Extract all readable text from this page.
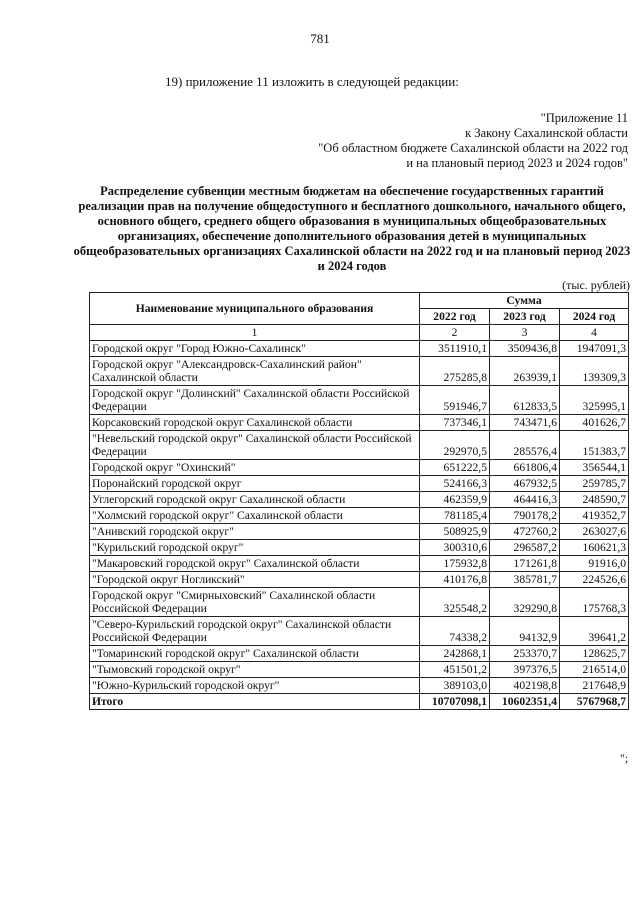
781
19) приложение 11 изложить в следующей редакции:
"Приложение 11
к Закону Сахалинской области
"Об областном бюджете Сахалинской области на 2022 год
и на плановый период 2023 и 2024 годов"
Распределение субвенции местным бюджетам на обеспечение государственных гарантий реализации прав на получение общедоступного и бесплатного дошкольного, начального общего, основного общего, среднего общего образования в муниципальных общеобразовательных организациях, обеспечение дополнительного образования детей в муниципальных общеобразовательных организациях Сахалинской области на 2022 год и на плановый период 2023 и 2024 годов
(тыс. рублей)
Наименование муниципального образования	Сумма		
	2022 год	2023 год	2024 год
1	2	3	4
Городской округ "Город Южно-Сахалинск"	3511910,1	3509436,8	1947091,3
Городской округ "Александровск-Сахалинский район" Сахалинской области	275285,8	263939,1	139309,3
Городской округ "Долинский" Сахалинской области Российской Федерации	591946,7	612833,5	325995,1
Корсаковский городской округ Сахалинской области	737346,1	743471,6	401626,7
"Невельский городской округ" Сахалинской области Российской Федерации	292970,5	285576,4	151383,7
Городской округ "Охинский"	651222,5	661806,4	356544,1
Поронайский городской округ	524166,3	467932,5	259785,7
Углегорский городской округ Сахалинской области	462359,9	464416,3	248590,7
"Холмский городской округ" Сахалинской области	781185,4	790178,2	419352,7
"Анивский городской округ"	508925,9	472760,2	263027,6
"Курильский городской округ"	300310,6	296587,2	160621,3
"Макаровский городской округ" Сахалинской области	175932,8	171261,8	91916,0
"Городской округ Ногликский"	410176,8	385781,7	224526,6
Городской округ "Смирныховский" Сахалинской области Российской Федерации	325548,2	329290,8	175768,3
"Северо-Курильский городской округ" Сахалинской области Российской Федерации	74338,2	94132,9	39641,2
"Томаринский городской округ" Сахалинской области	242868,1	253370,7	128625,7
"Тымовский городской округ"	451501,2	397376,5	216514,0
"Южно-Курильский городской округ"	389103,0	402198,8	217648,9
Итого	10707098,1	10602351,4	5767968,7
";
